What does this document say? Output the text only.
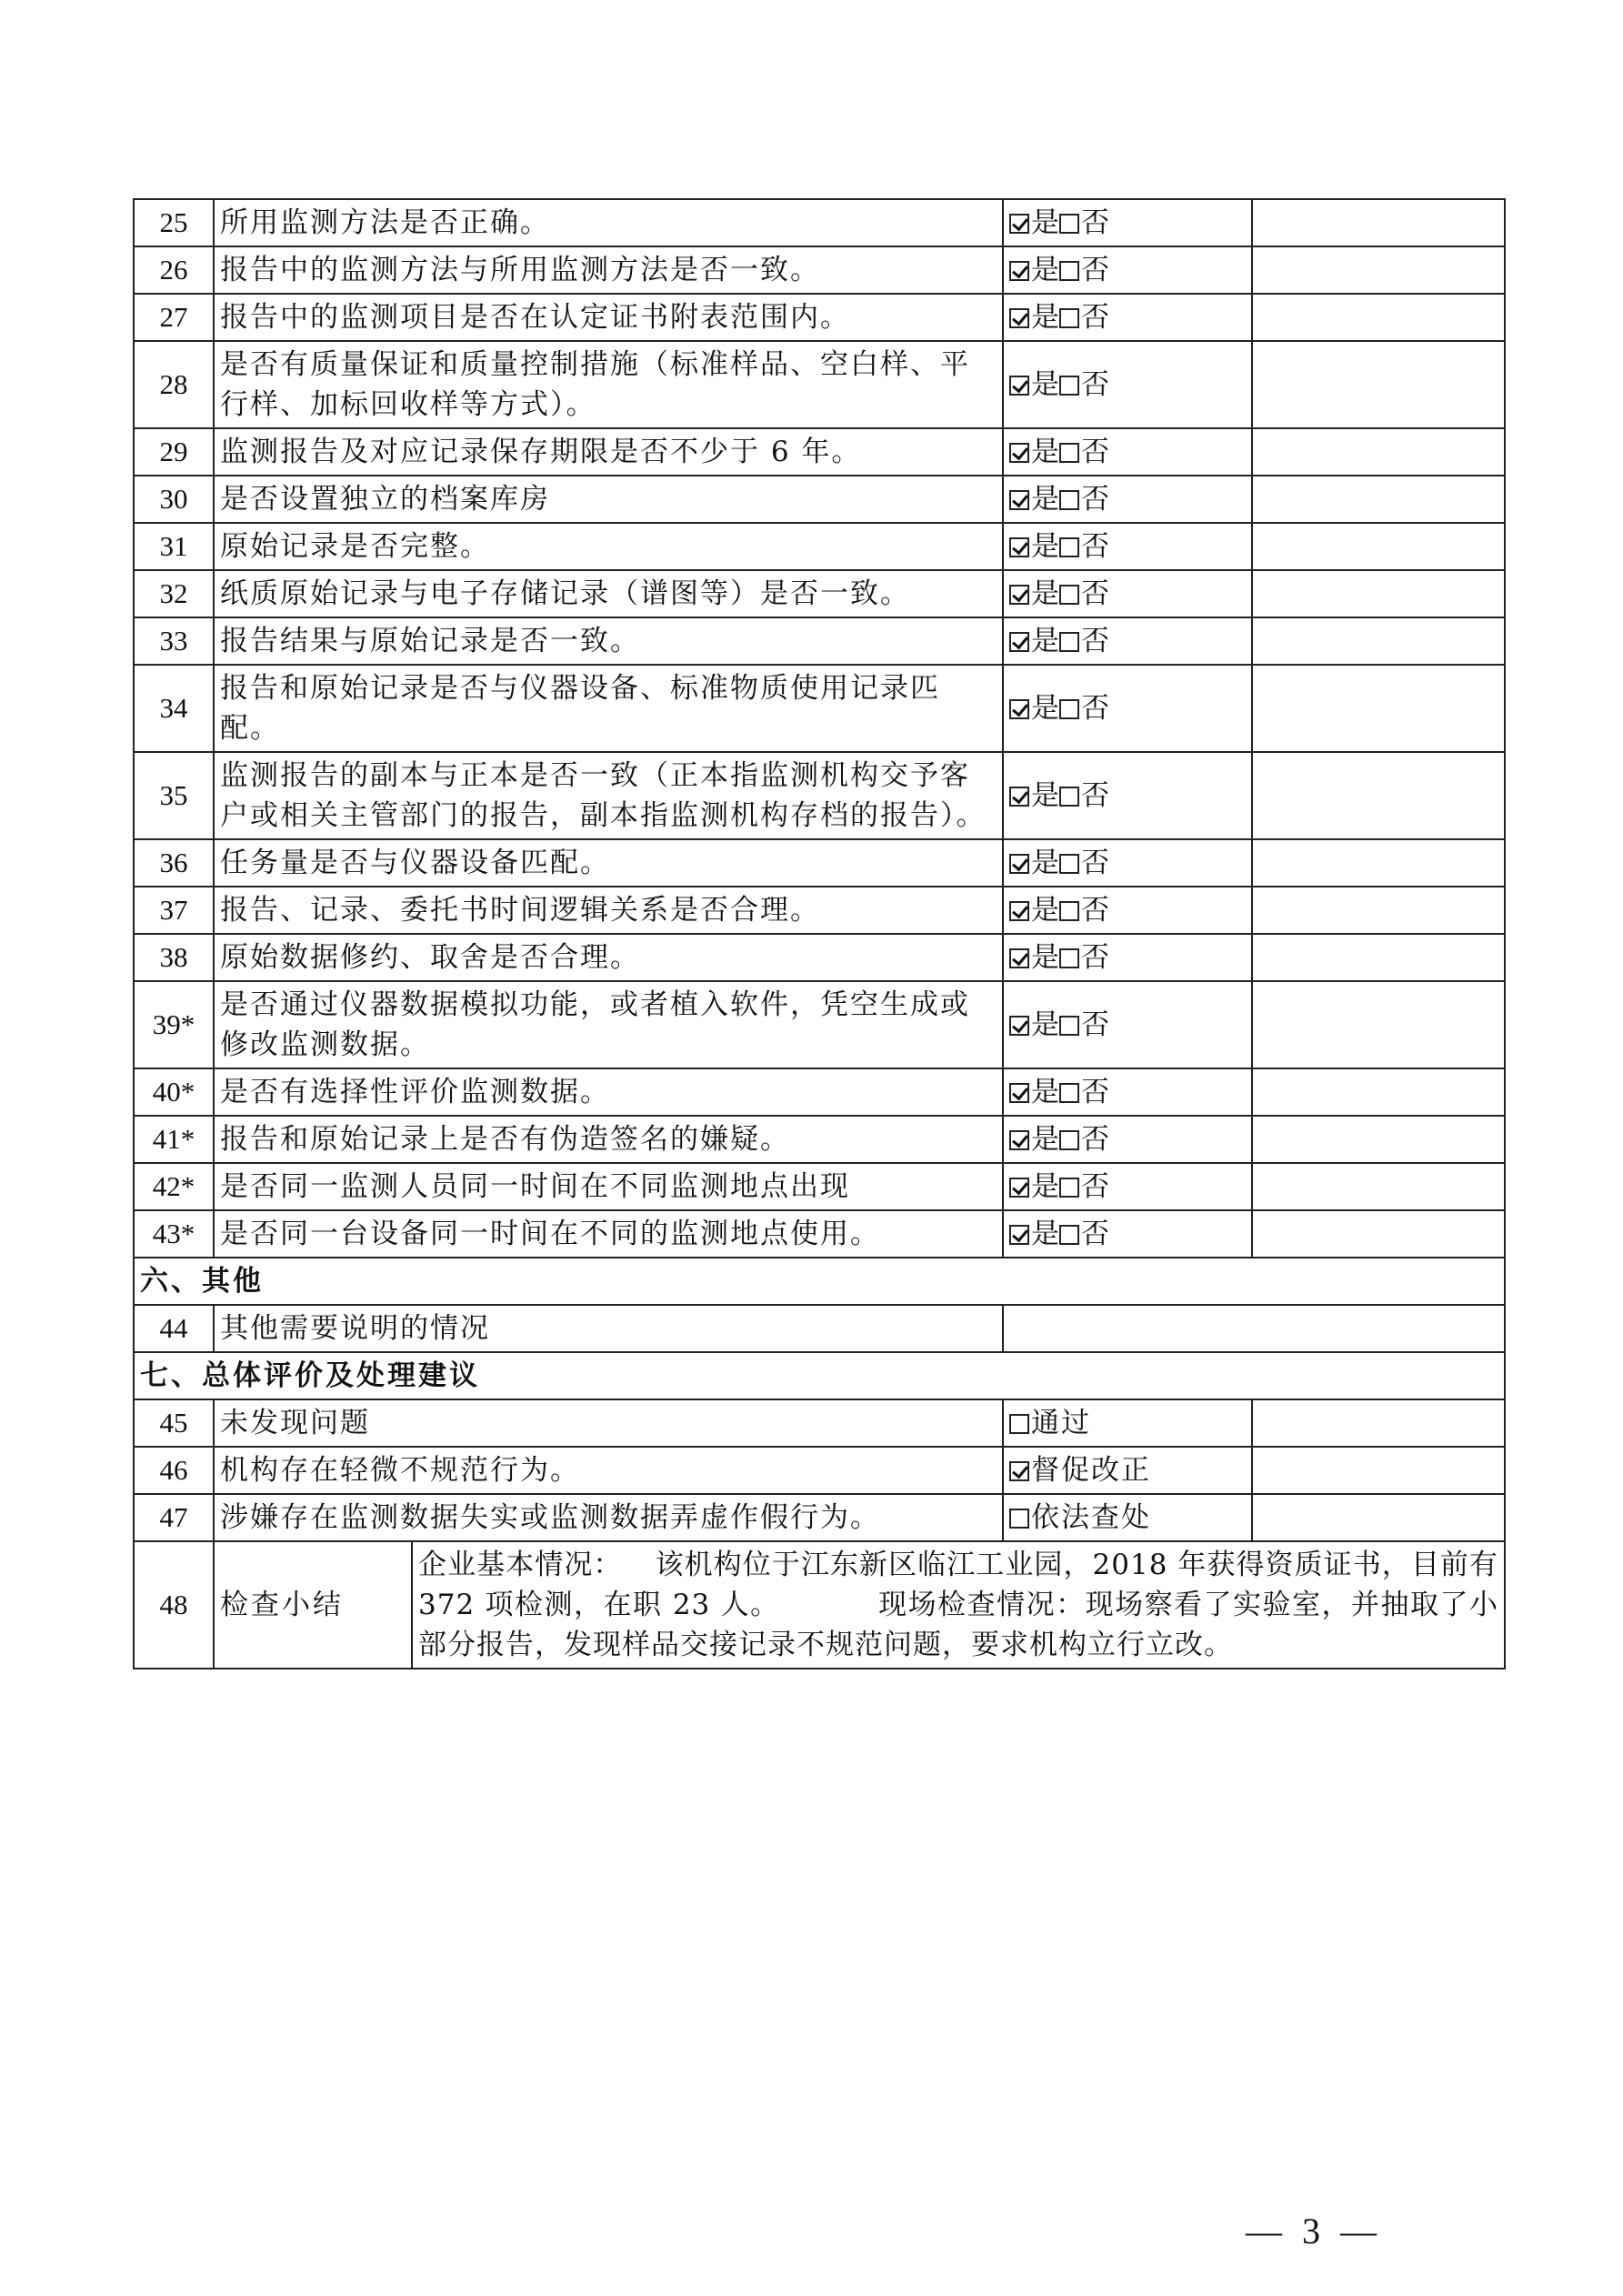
25	所用监测方法是否正确。		是 否	
26	报告中的监测方法与所用监测方法是否一致。		是 否	
27	报告中的监测项目是否在认定证书附表范围内。		是 否	
28	是否有质量保证和质量控制措施（标准样品、空白样、平行样、加标回收样等方式）。		是 否	
29	监测报告及对应记录保存期限是否不少于 6 年。		是 否	
30	是否设置独立的档案库房		是 否	
31	原始记录是否完整。		是 否	
32	纸质原始记录与电子存储记录（谱图等）是否一致。		是 否	
33	报告结果与原始记录是否一致。		是 否	
34	报告和原始记录是否与仪器设备、标准物质使用记录匹配。		是 否	
35	监测报告的副本与正本是否一致（正本指监测机构交予客户或相关主管部门的报告，副本指监测机构存档的报告）。		是 否	
36	任务量是否与仪器设备匹配。		是 否	
37	报告、记录、委托书时间逻辑关系是否合理。		是 否	
38	原始数据修约、取舍是否合理。		是 否	
39*	是否通过仪器数据模拟功能，或者植入软件，凭空生成或修改监测数据。		是 否	
40*	是否有选择性评价监测数据。		是 否	
41*	报告和原始记录上是否有伪造签名的嫌疑。		是 否	
42*	是否同一监测人员同一时间在不同监测地点出现		是 否	
43*	是否同一台设备同一时间在不同的监测地点使用。		是 否	
六、其他				
44	其他需要说明的情况			
七、总体评价及处理建议				
45	未发现问题		通过	
46	机构存在轻微不规范行为。		督促改正	
47	涉嫌存在监测数据失实或监测数据弄虚作假行为。		依法查处	
48	检查小结	企业基本情况： 该机构位于江东新区临江工业园，2018 年获得资质证书，目前有 372 项检测，在职 23 人。 现场检查情况：现场察看了实验室，并抽取了小部分报告，发现样品交接记录不规范问题，要求机构立行立改。		
— 3 —
